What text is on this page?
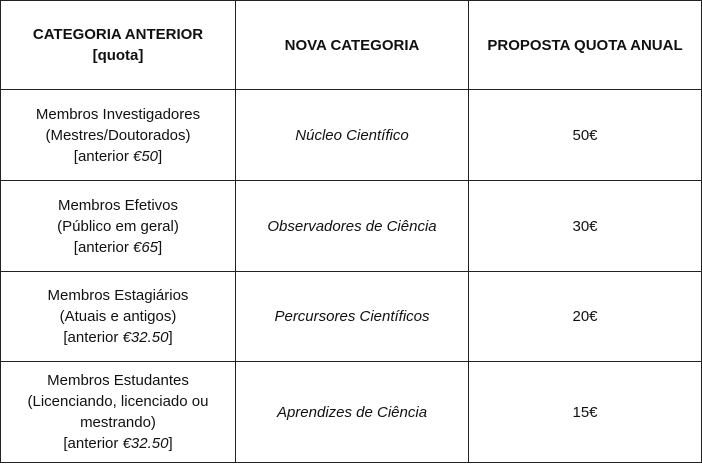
CATEGORIA ANTERIOR
[quota]	NOVA CATEGORIA	PROPOSTA QUOTA ANUAL

Membros Investigadores
(Mestres/Doutorados)
[anterior €50]	Núcleo Científico	50€

Membros Efetivos
(Público em geral)
[anterior €65]	Observadores de Ciência	30€

Membros Estagiários
(Atuais e antigos)
[anterior €32.50]	Percursores Científicos	20€

Membros Estudantes
(Licenciando, licenciado ou
mestrando)
[anterior €32.50]	Aprendizes de Ciência	15€
